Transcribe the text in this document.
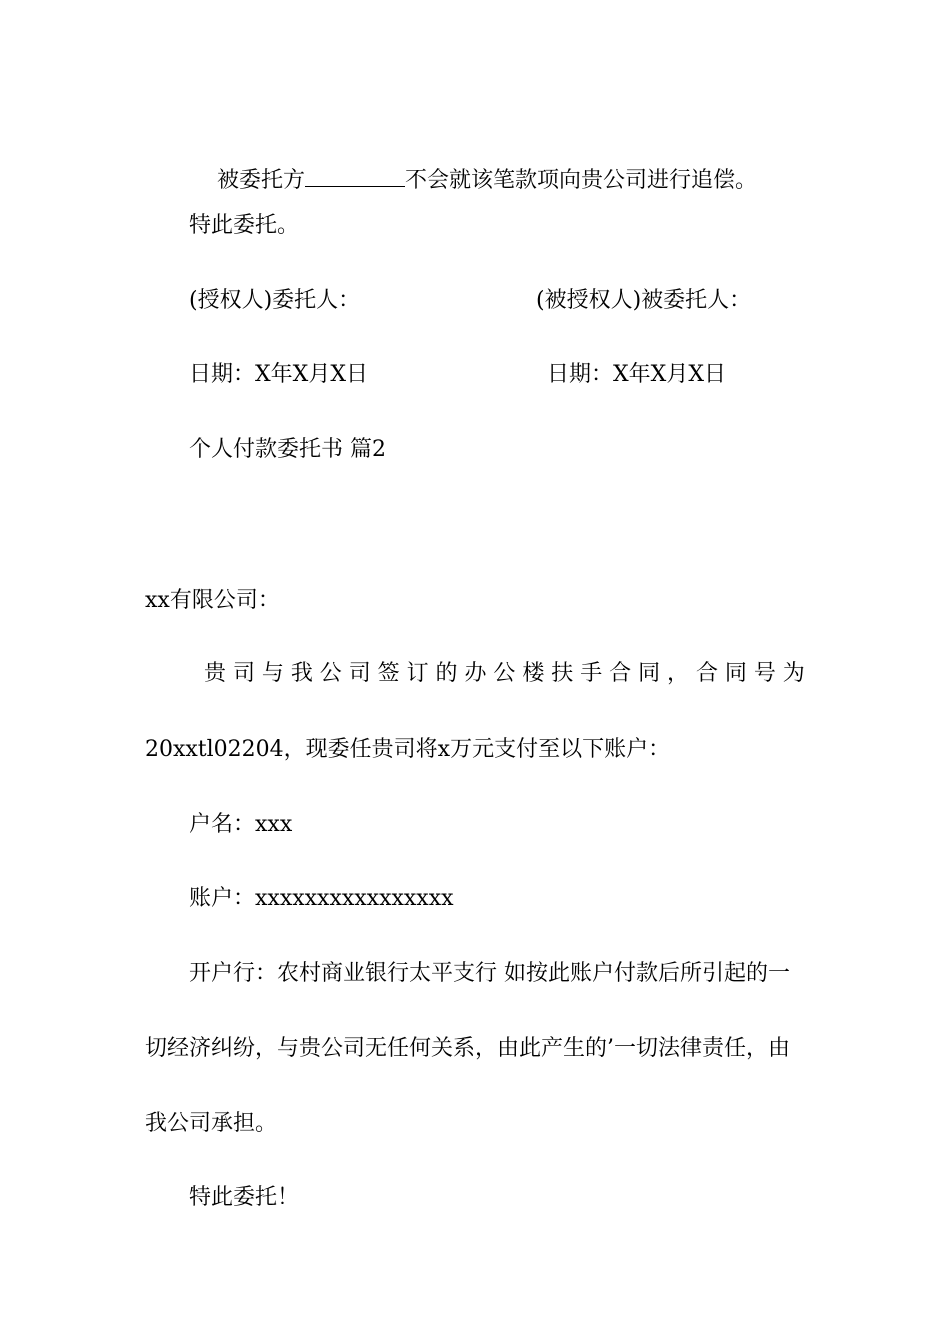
被委托方	不会就该笔款项向贵公司进行追偿。

特此委托。
(授权人)委托人：	(被授权人)被委托人：
日期：X年X月X日	日期：X年X月X日
个人付款委托书 篇2
xx有限公司：
贵 司 与 我 公 司 签 订 的 办 公 楼 扶 手 合 同 ， 合 同 号 为
20xxtl02204，现委任贵司将x万元支付至以下账户：
户名：xxx
账户：xxxxxxxxxxxxxxxx
开户行：农村商业银行太平支行 如按此账户付款后所引起的一
切经济纠纷，与贵公司无任何关系，由此产生的’一切法律责任，由
我公司承担。
特此委托！
